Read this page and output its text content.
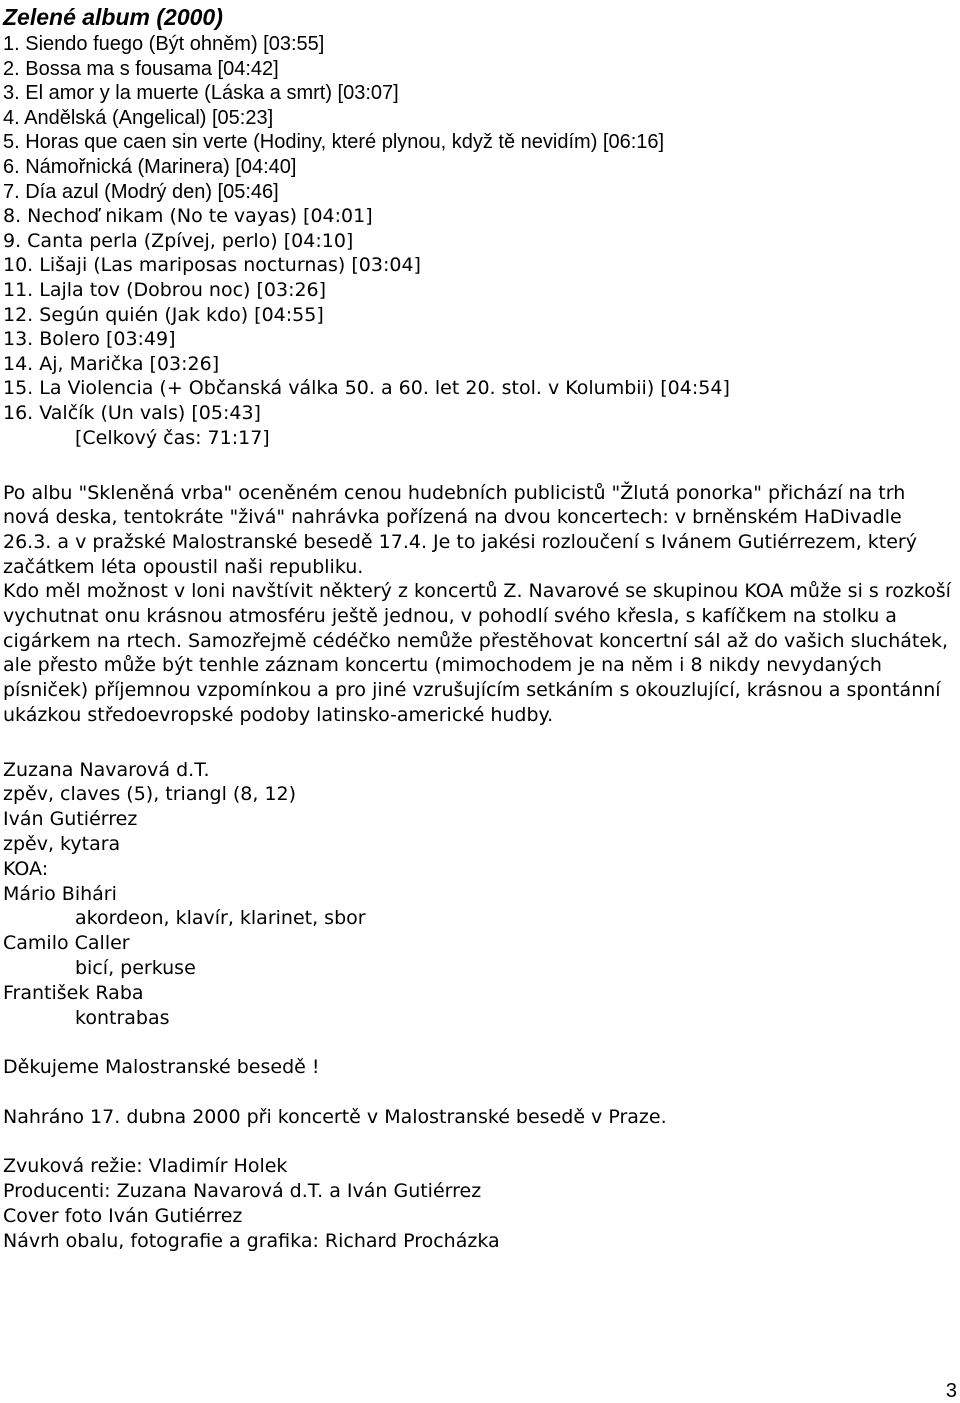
Zelené album (2000)
1. Siendo fuego (Být ohněm) [03:55]
2. Bossa ma s fousama [04:42]
3. El amor y la muerte (Láska a smrt) [03:07]
4. Andělská (Angelical) [05:23]
5. Horas que caen sin verte (Hodiny, které plynou, když tě nevidím) [06:16]
6. Námořnická (Marinera) [04:40]
7. Día azul (Modrý den) [05:46]
8. Nechoď nikam (No te vayas) [04:01]
9. Canta perla (Zpívej, perlo) [04:10]
10. Lišaji (Las mariposas nocturnas) [03:04]
11. Lajla tov (Dobrou noc) [03:26]
12. Según quién (Jak kdo) [04:55]
13. Bolero [03:49]
14. Aj, Marička [03:26]
15. La Violencia (+ Občanská válka 50. a 60. let 20. stol. v Kolumbii) [04:54]
16. Valčík (Un vals) [05:43]
[Celkový čas: 71:17]

Po albu "Skleněná vrba" oceněném cenou hudebních publicistů "Žlutá ponorka" přichází na trh nová deska, tentokráte "živá" nahrávka pořízená na dvou koncertech: v brněnském HaDivadle 26.3. a v pražské Malostranské besedě 17.4. Je to jakési rozloučení s Ivánem Gutiérrezem, který začátkem léta opoustil naši republiku.

Kdo měl možnost v loni navštívit některý z koncertů Z. Navarové se skupinou KOA může si s rozkoší vychutnat onu krásnou atmosféru ještě jednou, v pohodlí svého křesla, s kafíčkem na stolku a cigárkem na rtech. Samozřejmě cédéčko nemůže přestěhovat koncertní sál až do vašich sluchátek, ale přesto může být tenhle záznam koncertu (mimochodem je na něm i 8 nikdy nevydaných písniček) příjemnou vzpomínkou a pro jiné vzrušujícím setkáním s okouzlující, krásnou a spontánní ukázkou středoevropské podoby latinsko-americké hudby.

Zuzana Navarová d.T.
zpěv, claves (5), triangl (8, 12)
Iván Gutiérrez
zpěv, kytara
KOA:
Mário Bihári
akordeon, klavír, klarinet, sbor
Camilo Caller
bicí, perkuse
František Raba
kontrabas
Děkujeme Malostranské besedě !
Nahráno 17. dubna 2000 při koncertě v Malostranské besedě v Praze.
Zvuková režie: Vladimír Holek
Producenti: Zuzana Navarová d.T. a Iván Gutiérrez
Cover foto Iván Gutiérrez
Návrh obalu, fotografie a grafika: Richard Procházka
3
